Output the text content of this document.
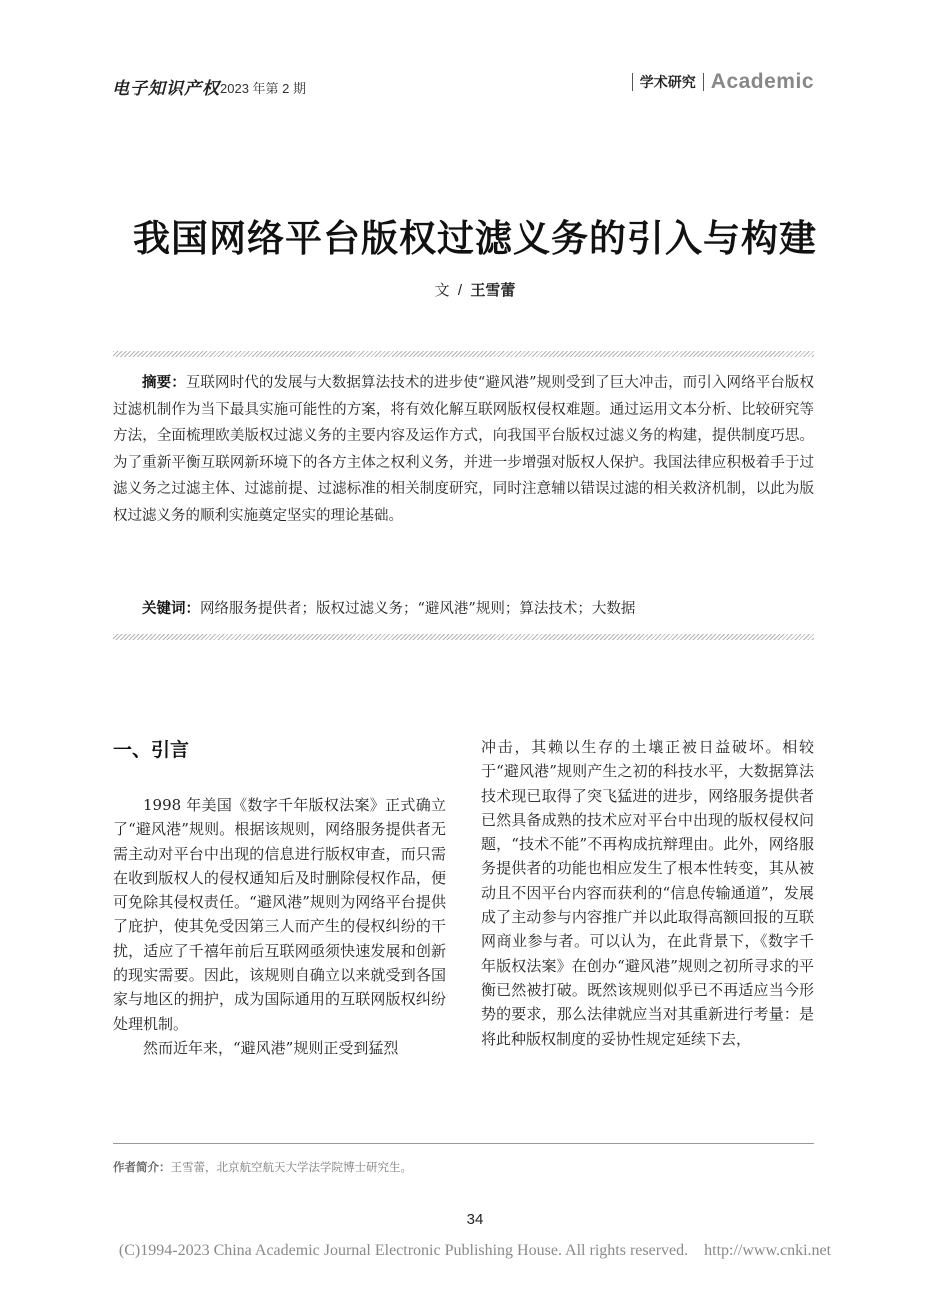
电子知识产权 2023 年第 2 期	学术研究 Academic
我国网络平台版权过滤义务的引入与构建
文  /  王雪蕾
摘要：互联网时代的发展与大数据算法技术的进步使“避风港”规则受到了巨大冲击，而引入网络平台版权过滤机制作为当下最具实施可能性的方案，将有效化解互联网版权侵权难题。通过运用文本分析、比较研究等方法，全面梳理欧美版权过滤义务的主要内容及运作方式，向我国平台版权过滤义务的构建，提供制度巧思。为了重新平衡互联网新环境下的各方主体之权利义务，并进一步增强对版权人保护。我国法律应积极着手于过滤义务之过滤主体、过滤前提、过滤标准的相关制度研究，同时注意辅以错误过滤的相关救济机制，以此为版权过滤义务的顺利实施奠定坚实的理论基础。
关键词：网络服务提供者；版权过滤义务；“避风港”规则；算法技术；大数据
一、引言

1998 年美国《数字千年版权法案》正式确立了“避风港”规则。根据该规则，网络服务提供者无需主动对平台中出现的信息进行版权审查，而只需在收到版权人的侵权通知后及时删除侵权作品，便可免除其侵权责任。“避风港”规则为网络平台提供了庇护，使其免受因第三人而产生的侵权纠纷的干扰，适应了千禧年前后互联网亟须快速发展和创新的现实需要。因此，该规则自确立以来就受到各国家与地区的拥护，成为国际通用的互联网版权纠纷处理机制。

然而近年来，“避风港”规则正受到猛烈

冲击，其赖以生存的土壤正被日益破坏。相较于“避风港”规则产生之初的科技水平，大数据算法技术现已取得了突飞猛进的进步，网络服务提供者已然具备成熟的技术应对平台中出现的版权侵权问题，“技术不能”不再构成抗辩理由。此外，网络服务提供者的功能也相应发生了根本性转变，其从被动且不因平台内容而获利的“信息传输通道”，发展成了主动参与内容推广并以此取得高额回报的互联网商业参与者。可以认为，在此背景下，《数字千年版权法案》在创办“避风港”规则之初所寻求的平衡已然被打破。既然该规则似乎已不再适应当今形势的要求，那么法律就应当对其重新进行考量：是将此种版权制度的妥协性规定延续下去，

作者简介：王雪蕾，北京航空航天大学法学院博士研究生。
34
(C)1994-2023 China Academic Journal Electronic Publishing House. All rights reserved.    http://www.cnki.net
